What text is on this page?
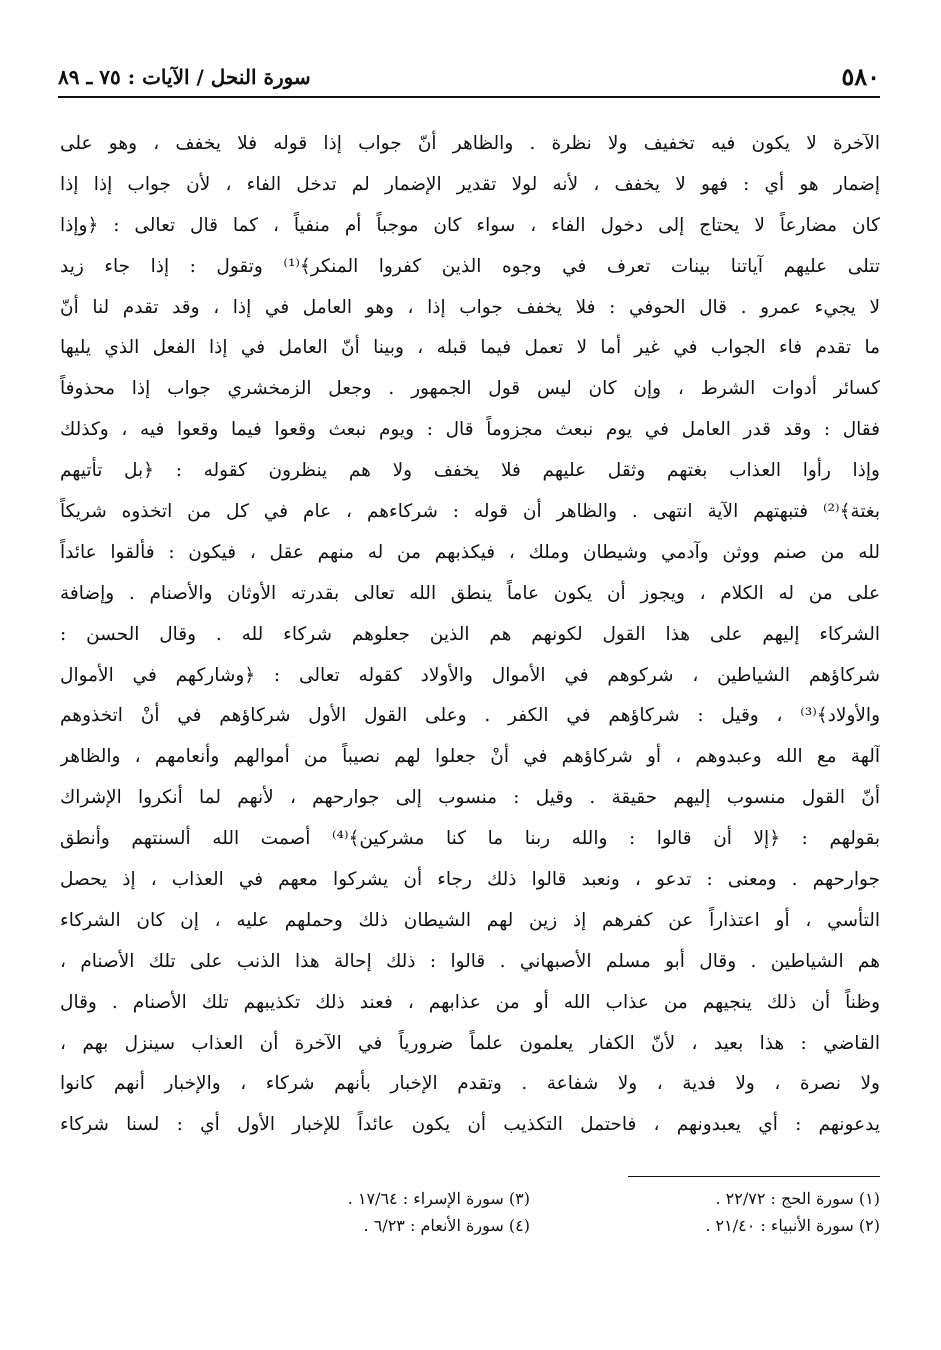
٥٨٠
سورة النحل / الآيات : ٧٥ ـ ٨٩
الآخرة لا يكون فيه تخفيف ولا نظرة . والظاهر أنّ جواب إذا قوله فلا يخفف ، وهو على
إضمار هو أي : فهو لا يخفف ، لأنه لولا تقدير الإضمار لم تدخل الفاء ، لأن جواب إذا إذا
كان مضارعاً لا يحتاج إلى دخول الفاء ، سواء كان موجباً أم منفياً ، كما قال تعالى : ﴿وإذا
تتلى عليهم آياتنا بينات تعرف في وجوه الذين كفروا المنكر﴾⁽¹⁾ وتقول : إذا جاء زيد
لا يجيء عمرو . قال الحوفي : فلا يخفف جواب إذا ، وهو العامل في إذا ، وقد تقدم لنا أنّ
ما تقدم فاء الجواب في غير أما لا تعمل فيما قبله ، وبينا أنّ العامل في إذا الفعل الذي يليها
كسائر أدوات الشرط ، وإن كان ليس قول الجمهور . وجعل الزمخشري جواب إذا محذوفاً
فقال : وقد قدر العامل في يوم نبعث مجزوماً قال : ويوم نبعث وقعوا فيما وقعوا فيه ، وكذلك
وإذا رأوا العذاب بغتهم وثقل عليهم فلا يخفف ولا هم ينظرون كقوله : ﴿بل تأتيهم
بغتة﴾⁽²⁾ فتبهتهم الآية انتهى . والظاهر أن قوله : شركاءهم ، عام في كل من اتخذوه شريكاً
لله من صنم ووثن وآدمي وشيطان وملك ، فيكذبهم من له منهم عقل ، فيكون : فألقوا عائداً
على من له الكلام ، ويجوز أن يكون عاماً ينطق الله تعالى بقدرته الأوثان والأصنام . وإضافة
الشركاء إليهم على هذا القول لكونهم هم الذين جعلوهم شركاء لله . وقال الحسن :
شركاؤهم الشياطين ، شركوهم في الأموال والأولاد كقوله تعالى : ﴿وشاركهم في الأموال
والأولاد﴾⁽³⁾ ، وقيل : شركاؤهم في الكفر . وعلى القول الأول شركاؤهم في أنْ اتخذوهم
آلهة مع الله وعبدوهم ، أو شركاؤهم في أنْ جعلوا لهم نصيباً من أموالهم وأنعامهم ، والظاهر
أنّ القول منسوب إليهم حقيقة . وقيل : منسوب إلى جوارحهم ، لأنهم لما أنكروا الإشراك
بقولهم : ﴿إلا أن قالوا : والله ربنا ما كنا مشركين﴾⁽⁴⁾ أصمت الله ألسنتهم وأنطق
جوارحهم . ومعنى : تدعو ، ونعبد قالوا ذلك رجاء أن يشركوا معهم في العذاب ، إذ يحصل
التأسي ، أو اعتذاراً عن كفرهم إذ زين لهم الشيطان ذلك وحملهم عليه ، إن كان الشركاء
هم الشياطين . وقال أبو مسلم الأصبهاني . قالوا : ذلك إحالة هذا الذنب على تلك الأصنام ،
وظناً أن ذلك ينجيهم من عذاب الله أو من عذابهم ، فعند ذلك تكذيبهم تلك الأصنام . وقال
القاضي : هذا بعيد ، لأنّ الكفار يعلمون علماً ضرورياً في الآخرة أن العذاب سينزل بهم ،
ولا نصرة ، ولا فدية ، ولا شفاعة . وتقدم الإخبار بأنهم شركاء ، والإخبار أنهم كانوا
يدعونهم : أي يعبدونهم ، فاحتمل التكذيب أن يكون عائداً للإخبار الأول أي : لسنا شركاء
(١) سورة الحج : ٢٢/٧٢ .
(٢) سورة الأنبياء : ٢١/٤٠ .
(٣) سورة الإسراء : ١٧/٦٤ .
(٤) سورة الأنعام : ٦/٢٣ .
